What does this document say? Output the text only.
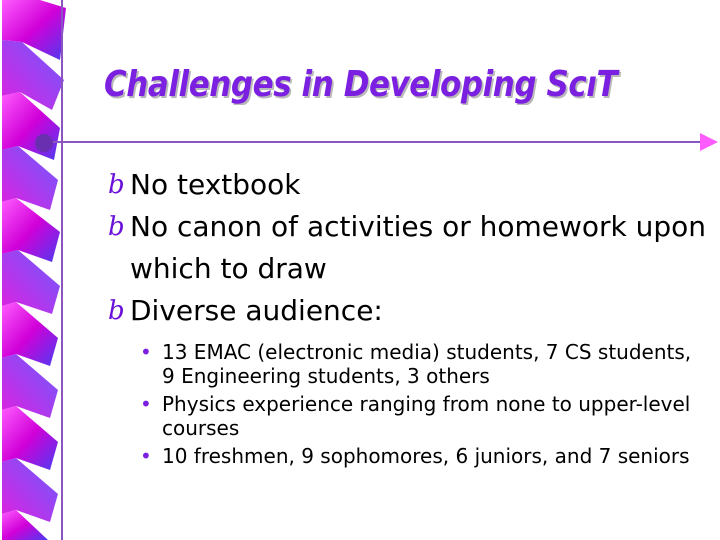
Challenges in Developing ScıT
b No textbook
b No canon of activities or homework upon which to draw
b Diverse audience:
• 13 EMAC (electronic media) students, 7 CS students, 9 Engineering students, 3 others
• Physics experience ranging from none to upper-level courses
• 10 freshmen, 9 sophomores, 6 juniors, and 7 seniors
